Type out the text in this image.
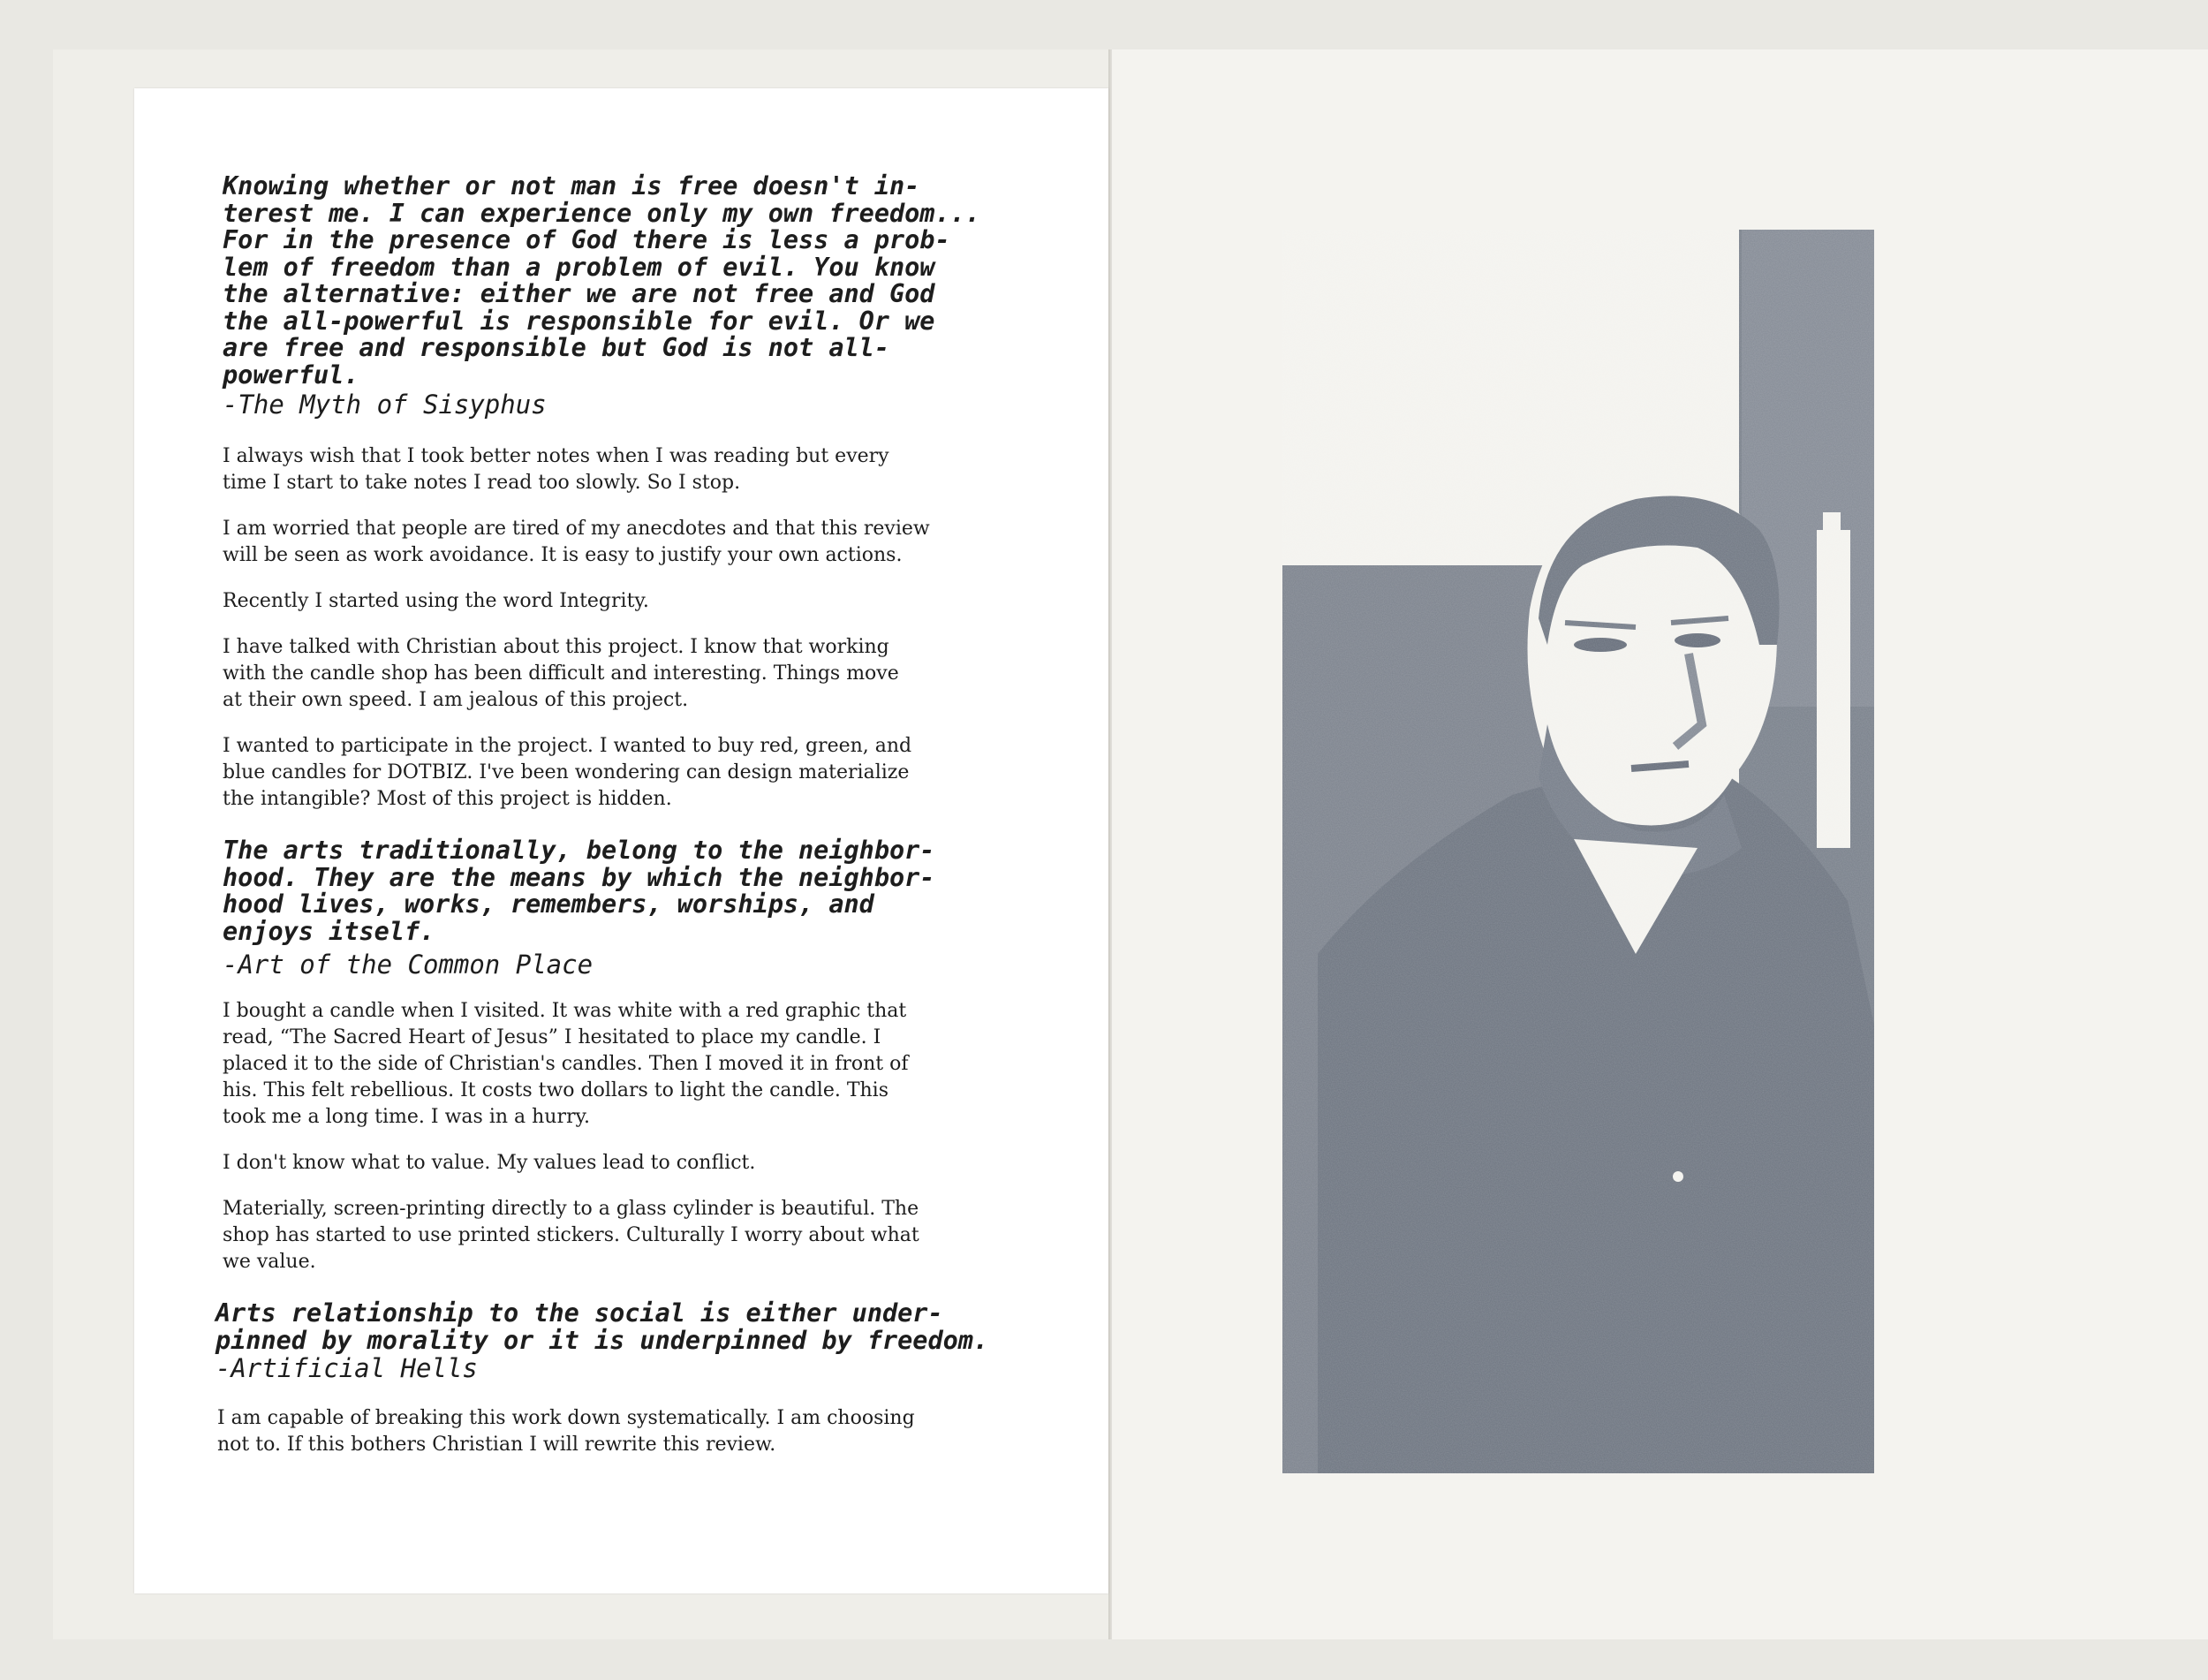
Knowing whether or not man is free doesn't in-
terest me. I can experience only my own freedom...
For in the presence of God there is less a prob-
lem of freedom than a problem of evil. You know
the alternative: either we are not free and God
the all-powerful is responsible for evil. Or we
are free and responsible but God is not all-
powerful.

-The Myth of Sisyphus

I always wish that I took better notes when I was reading but every
time I start to take notes I read too slowly. So I stop.

I am worried that people are tired of my anecdotes and that this review
will be seen as work avoidance. It is easy to justify your own actions.

Recently I started using the word Integrity.

I have talked with Christian about this project. I know that working
with the candle shop has been difficult and interesting. Things move
at their own speed. I am jealous of this project.

I wanted to participate in the project. I wanted to buy red, green, and
blue candles for DOTBIZ. I've been wondering can design materialize
the intangible? Most of this project is hidden.

The arts traditionally, belong to the neighbor-
hood. They are the means by which the neighbor-
hood lives, works, remembers, worships, and
enjoys itself.

-Art of the Common Place

I bought a candle when I visited. It was white with a red graphic that
read, “The Sacred Heart of Jesus” I hesitated to place my candle. I
placed it to the side of Christian's candles. Then I moved it in front of
his. This felt rebellious. It costs two dollars to light the candle. This
took me a long time. I was in a hurry.

I don't know what to value. My values lead to conflict.

Materially, screen-printing directly to a glass cylinder is beautiful. The
shop has started to use printed stickers. Culturally I worry about what
we value.

Arts relationship to the social is either under-
pinned by morality or it is underpinned by freedom.

-Artificial Hells

I am capable of breaking this work down systematically. I am choosing
not to. If this bothers Christian I will rewrite this review.
